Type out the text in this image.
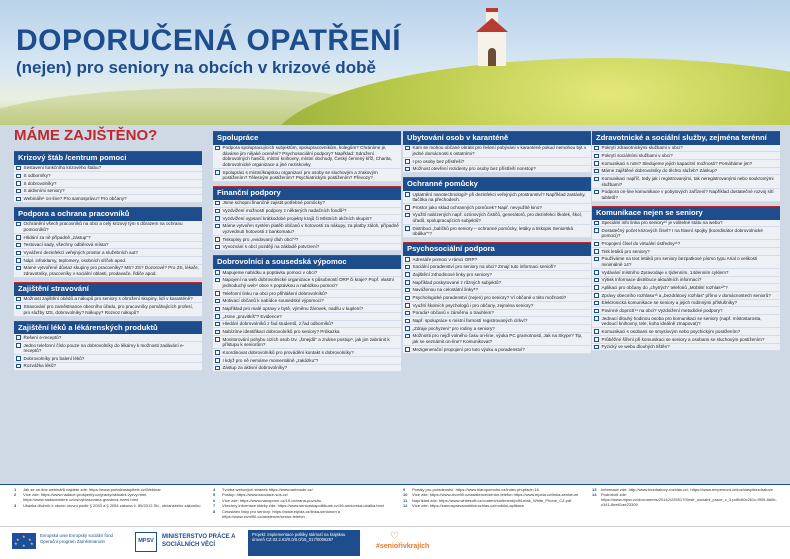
DOPORUČENÁ OPATŘENÍ
(nejen) pro seniory na obcích v krizové době
MÁME ZAJIŠTĚNO?
Krizový štáb /centrum pomoci
Sestavení funkčního krizového štábu?
S odborníky?
S dobrovolníky?
S aktivními seniory?
Webináře¹ on-line? Pro samosprávu? Pro občany?
Podpora a ochrana pracovníků
Ochránění všech pracovníků na obci a celý krizový tým s důrazem na ochranu pomocníků?
Hlídání za ně případně „zástup"?
Testovací sady, všechny odběrová místa?
Vyvážení dezinfekcí veřejných prostor a služebních aut?
Nápl. infraklamy, teplomery, osobních síťček apod.
Máme vytvořené důvtaz skupiny pro pracovníky? MS? ZS? Dozorové? Pro ZS, lékaře, zdravotníky, pracovníky v sociální oblasti, prodavače, řidiče apod.
Zajištění stravování
Možnost zajištění obědů a nákupů pro seniory s ohrožení skupiny, lidí v karanténě?
Stravování pro zaměstnance obecního úřadu, pro pracovníky pomáhajících profesí, pro služby IZS, dobrovolníky? Nákupy? Rozvoz nákupů?
Zajištění léků a lékárenských produktů
Řešení e-receptů?
Jedno telefonní číslo pouze na dobrovolníky do lékárny k možnosti zadávání e-receptů?
Dobrovolníky pro balení léků?
Rozvážka léků?
Spolupráce
Podpora spolupracujících subjektům, spolupracovníkům, kolegům? Chráníme je, dáváme jim nějaké ocenění? Psychosociální podpory? Napřklad: Sdružení dobrovolných hasičů, místní knihovny, místní obchody, Český červený kříž, Charita, dobrovolnické organizace a jiné neziskovky
Spolupráci s místní/krajskou organizací pro osoby se sluchovým a zrakovým postižením? Tělesným postižením? Psychiatrickým postižením? Převozy?
Finanční podpory
Jsme schopni finančně zajistit potřebné pomůcky?
Vyzdvižení možností podpory z některých nadačních fondů²?
Vyzdvižení vypsaní krátkodobé projekty krajů či Místních akčních skupin?
Máme vytvořen systém platěb občanů v hotovosti za nákupy, za platby záloh, případně vyzvednutí hotovosti z bankomatu?
Tiskopisy pro „evidovaný dluh obci"³?
Vyvozvání s obcí pozdějí na základě potvrzení?
Dobrovolníci a sousedská výpomoc
Mapujeme nabídku a poptávku pomoci v obci?
Napojení na web dobrovolnické organizace s působností ORP či kraje? Popř. vlastní jednoduchý web⁴ obce s poptávkou a nabídkou pomoci?
Telefonní linku na obci pro přihlášení dobrovolníků?
Motivací občanů k nabídce sousedské výpomoci?
Například pro malé opravy v bytě, výměnu žárovek, nadílu v kuplení?
„Jsme „pravitkíš"? Evidence?
Hledání dobrovolníků z řad studentů, z řad odborníků?
Nabízíme identifikaci dobrovolníků pro seniory? Průkazka
Monitorování pohybu cizích osob tzv. „šmejdů" a známe postup⁵, jak jim zabránit k přístupu k seniorům?
Koordinovat dobrovolníků pro provádění kontakt s dobrovolníky?
I když pro ně nemáme momentálně „zakázku"?
Zástup za aktivní dobrovolníky?
Ubytování osob v karanténě
Kam se mohou občané obrátit pro řešení pobývání v karanténě pokud nemohou být v jedné domácnosti s ostatními?
I pro osoby bez přístřeší?
Možnost otevření rezidenty pro osoby bez přístřeší nonstop?
Ochranné pomůcky
Uplatnění nanotechnologií⁶ při dezinfekci veřejných prostranství? Například zastávky, tlačítka na přechodech.
Prostor jako sklad ochranných pomůcek? Např. nevyužité kino?
Využití nabízených např. ozónových čističů, generátorů, pro dezinfekci školek, škol, úřadů, spolupracujících subjektů?
Distribuci „balíčků pro seniory – ochranné pomůcky, letáky a tiskopis Seniorská obálka"⁷?
Psychosociální podpora
Adresáře pomoci v rámci ORP?
Sociální poradenství pro seniory na obci? Zmají tuto informaci senioři?
Zajištění 24hodinové linky pro seniory?
Například poskytované z různých subjektů?
Naváženou na celostátní linky⁸?
Psychologické poradenství (nejen) pro seniory? Ví občané o této možnosti?
Využití školních psychologů i pro občany, zejména seniory?
Porada⁹ občanů v záměrnu o trauhlem?
Např. spolupráce s místní farností registrovaných církví?
„Zdraje pochyzeni" pro rodiny a seniory?
Možnosti pro nejdí volného času on-line, výuka PC gramotnosti, Jak na Skype? Tip, jak se seznámit on-line? Komunikovat?
Mezigenerační propojení pro tuto výuku a poradenství?
Zdravotnické a sociální služby, zejména terénní
Pokrytí zdravotnickými službami v obci?
Pokrytí sociálními službami v obci?
Komunikaci s nimi? Sledujeme jejich kapacitní možnosti? Pomáháme jim?
Máme zajištěné dobrovolníky do těchto služeb? Záskup?
Komunikaci napříč, tedy jak i registrovanými, tak neregistrovanými nebo soukromými službami?
Podpora on-line komunikace v pobytových zařízení? Například dostatečné rozvoj sítí tabletů?
Komunikace nejen se seniory
Speciální info linka pro seniory¹⁰ je volitelné státu na webu?
Dostatečný počet krizových čísel? I na hlavní spojky (koordinátor dobrovolnické pomoci)?
Propojení čísel do virtuální ústředny¹¹?
Tisk letáků pro seniory?
Používáme na text letáků pro seniory bezpatkové písmo typu Arial o velikosti minimálně 14?
Vydávání místního Zpravodaje v týdenním, 14denním cyklem?
Výtisk Informace distribuce aktuálních informací?
Aplikaci pro občany do „chytrých" telefonů „Mobilní rozhlas¹²"?
Zprávy obecního rozhlasu¹³ a „bezdrátový rozhlas" přímo v domácnostech seniorů?
Elektronická komunikace se seniory a jejich rodinnými příslušníky?
Povinné doprictí¹⁴ na obci? Vyzdvižení metodické podpory?
Jednací dlouhý hodinou osoba pro komunikaci se seniory (např. místostarosta, vedoucí knihovny, tele, koho ideálně zmapovat)?
Komunikaci s osobami se smyslovým nebo psychickým postižením?
Průběžné šíření při komunikaci se seniory a osobami se sluchovým postižením?
Fyzický ve webu dlouhých tištěn?
1	Jak se on-line webinářů najdete zde: https://www.portalzastupitele.cz/Webinar
2	Více zde: https://www.nadace-prosperity.cz/granty/aktualni-vyzvy.html, https://www.nadacedobre.cz/cs/vyhlasovana-grantova-rizeni.html
3	Ukázka dlužníh k obcím úrovní podle § 2053 a § 2054 zákona č. 89/2012 Sb., občanského zákoníku
4	Tvorba webových stránek https://www.webnode.cz/
5	Postup: https://www.asociace-sos.cz/
6	Více zde: https://www.nanoprom.cz/19-ochrana-povrchu
7	Všechny informace ktárky zde: https://www.seniorskapolitikunk.cz/46-seniorska-obalka.html
8	Celostátní linky pro seniory: https://www.elpida.cz/linka-seniorum a https://www.zivot90.cz/asistence/senior-telefon
9	Portály pro poradenství: https://www.klaropomoho.cz/index.ph-pfadr=16
10	Více zde: https://www.zivot90.cz/asistence/senior-telefon https://www.elpida.cz/linka-seniorum
11	Například zde: https://www.whitesoft.cz/content/sortiment/pdf/Letak_White_Phone_CZ.pdf
12	Více zde: https://samospravamobilnirozhlas.cz/mobilni-aplikace
13	Informace zde: http://www.bezdratovy-rozhlas.cz/; https://www.empemont.cz/rozhlasy/bezdratove
14	Podrobně zde: https://www.mpsv.cz/documents/20142/225517/Sestr_socialni_prace_c_3.pdf/c60c261c-f909-8a0b-c341-8ee61ae23309
★
★ ★
★	★
★
Evropská unie Evropský sociální fond Operační program Zaměstnanost	MPSV
MINISTERSTVO PRÁCE A SOCIÁLNÍCH VĚCÍ
Projekt: Implementace politiky stárnutí na krajskou úroveň CZ.03.2.63/0.0/0.0/15_017/0006287	♡
#seniořivkrajích
